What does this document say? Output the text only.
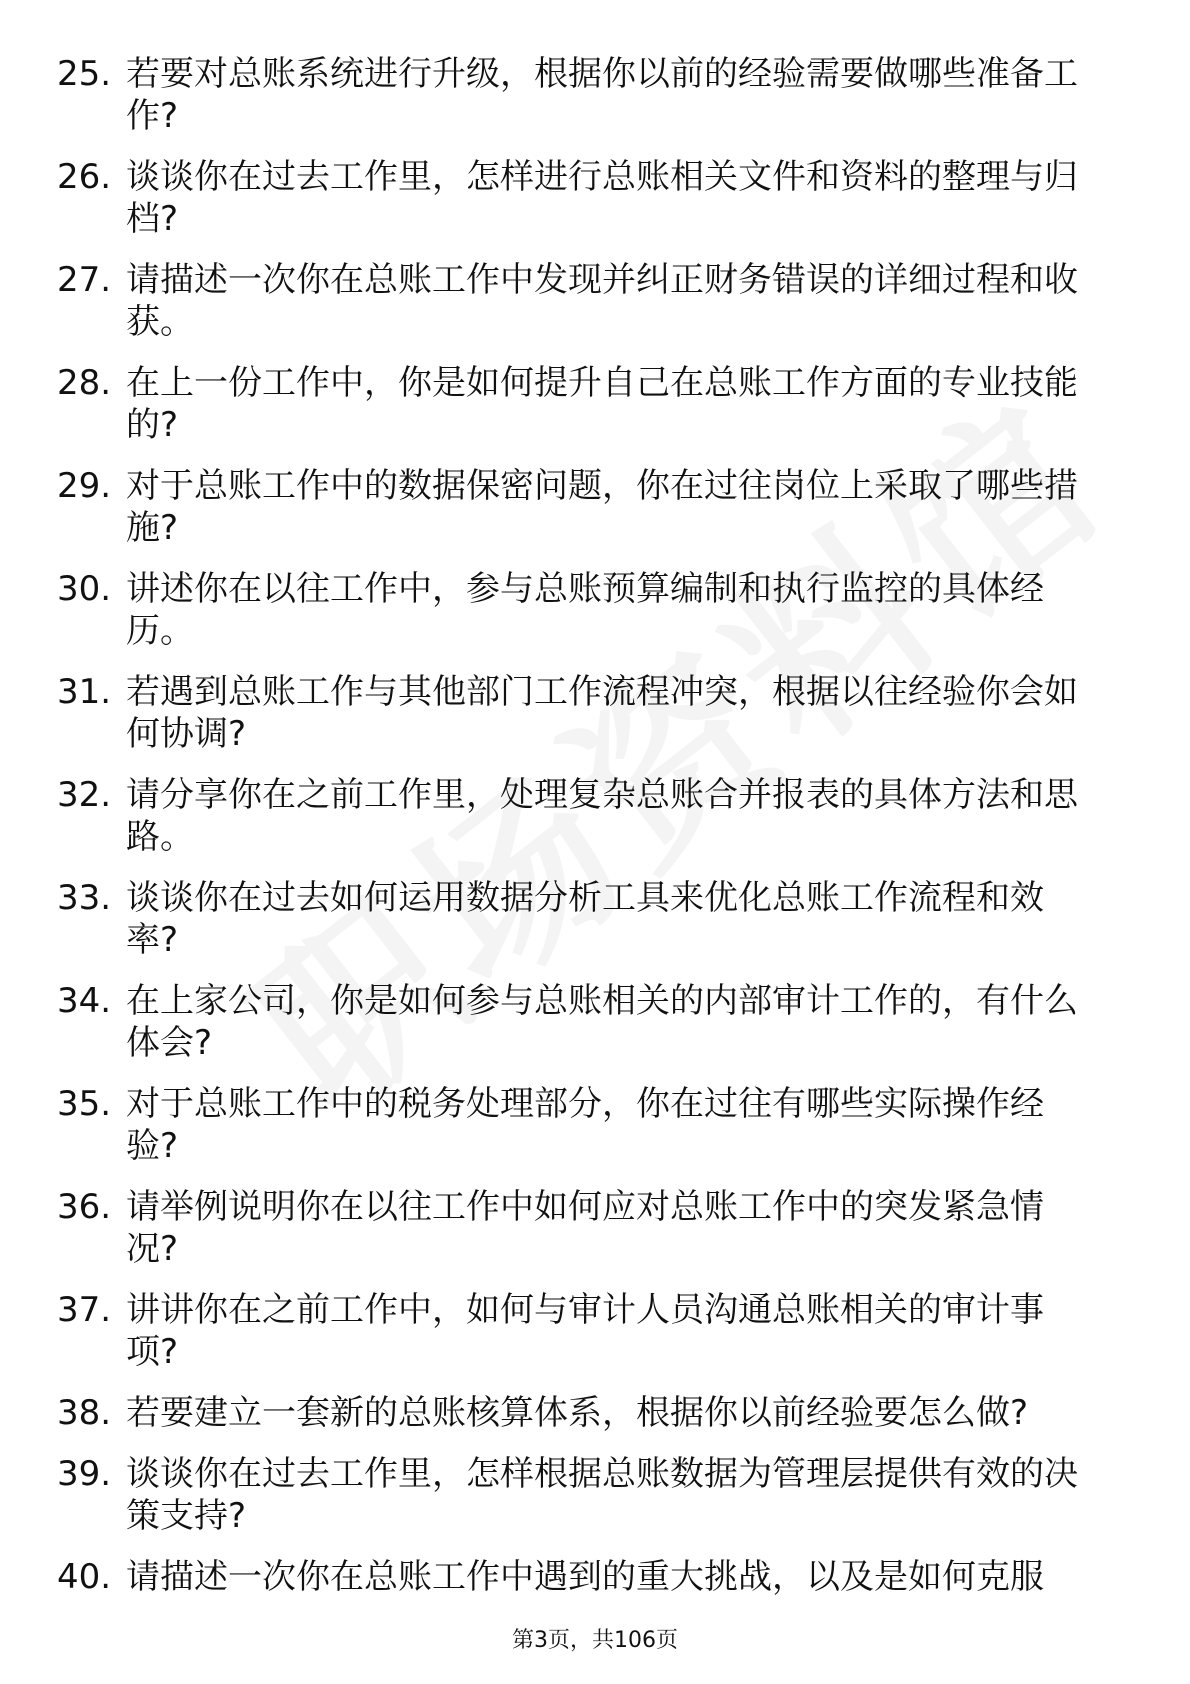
25. 若要对总账系统进行升级，根据你以前的经验需要做哪些准备工作?
26. 谈谈你在过去工作里，怎样进行总账相关文件和资料的整理与归档?
27. 请描述一次你在总账工作中发现并纠正财务错误的详细过程和收获。
28. 在上一份工作中，你是如何提升自己在总账工作方面的专业技能的?
29. 对于总账工作中的数据保密问题，你在过往岗位上采取了哪些措施?
30. 讲述你在以往工作中，参与总账预算编制和执行监控的具体经历。
31. 若遇到总账工作与其他部门工作流程冲突，根据以往经验你会如何协调?
32. 请分享你在之前工作里，处理复杂总账合并报表的具体方法和思路。
33. 谈谈你在过去如何运用数据分析工具来优化总账工作流程和效率?
34. 在上家公司，你是如何参与总账相关的内部审计工作的，有什么体会?
35. 对于总账工作中的税务处理部分，你在过往有哪些实际操作经验?
36. 请举例说明你在以往工作中如何应对总账工作中的突发紧急情况?
37. 讲讲你在之前工作中，如何与审计人员沟通总账相关的审计事项?
38. 若要建立一套新的总账核算体系，根据你以前经验要怎么做?
39. 谈谈你在过去工作里，怎样根据总账数据为管理层提供有效的决策支持?
40. 请描述一次你在总账工作中遇到的重大挑战，以及是如何克服
第3页，共106页
